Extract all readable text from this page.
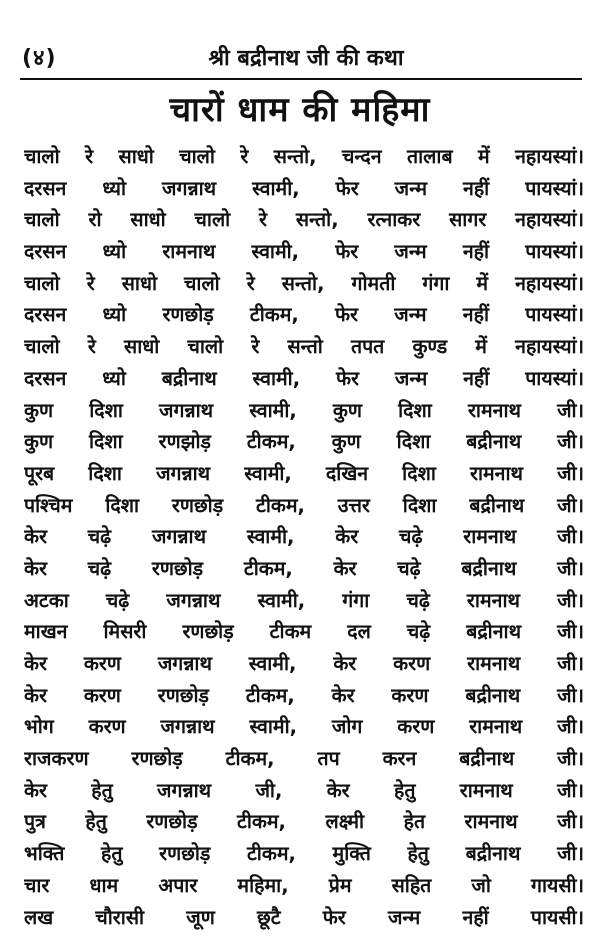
(४)	श्री बद्रीनाथ जी की कथा
चारों धाम की महिमा
चालो रे साधो चालो रे सन्तो, चन्दन तालाब में नहायस्यां।
दरसन ध्यो जगन्नाथ स्वामी, फेर जन्म नहीं पायस्यां।
चालो रो साधो चालो रे सन्तो, रत्नाकर सागर नहायस्यां।
दरसन ध्यो रामनाथ स्वामी, फेर जन्म नहीं पायस्यां।
चालो रे साधो चालो रे सन्तो, गोमती गंगा में नहायस्यां।
दरसन ध्यो रणछोड़ टीकम, फेर जन्म नहीं पायस्यां।
चालो रे साधो चालो रे सन्तो तपत कुण्ड में नहायस्यां।
दरसन ध्यो बद्रीनाथ स्वामी, फेर जन्म नहीं पायस्यां।
कुण दिशा जगन्नाथ स्वामी, कुण दिशा रामनाथ जी।
कुण दिशा रणझोड़ टीकम, कुण दिशा बद्रीनाथ जी।
पूरब दिशा जगन्नाथ स्वामी, दखिन दिशा रामनाथ जी।
पश्चिम दिशा रणछोड़ टीकम, उत्तर दिशा बद्रीनाथ जी।
केर चढ़े जगन्नाथ स्वामी, केर चढ़े रामनाथ जी।
केर चढ़े रणछोड़ टीकम, केर चढ़े बद्रीनाथ जी।
अटका चढ़े जगन्नाथ स्वामी, गंगा चढ़े रामनाथ जी।
माखन मिसरी रणछोड़ टीकम दल चढ़े बद्रीनाथ जी।
केर करण जगन्नाथ स्वामी, केर करण रामनाथ जी।
केर करण रणछोड़ टीकम, केर करण बद्रीनाथ जी।
भोग करण जगन्नाथ स्वामी, जोग करण रामनाथ जी।
राजकरण रणछोड़ टीकम, तप करन बद्रीनाथ जी।
केर हेतु जगन्नाथ जी, केर हेतु रामनाथ जी।
पुत्र हेतु रणछोड़ टीकम, लक्ष्मी हेत रामनाथ जी।
भक्ति हेतु रणछोड़ टीकम, मुक्ति हेतु बद्रीनाथ जी।
चार धाम अपार महिमा, प्रेम सहित जो गायसी।
लख चौरासी जूण छूटै फेर जन्म नहीं पायसी।
